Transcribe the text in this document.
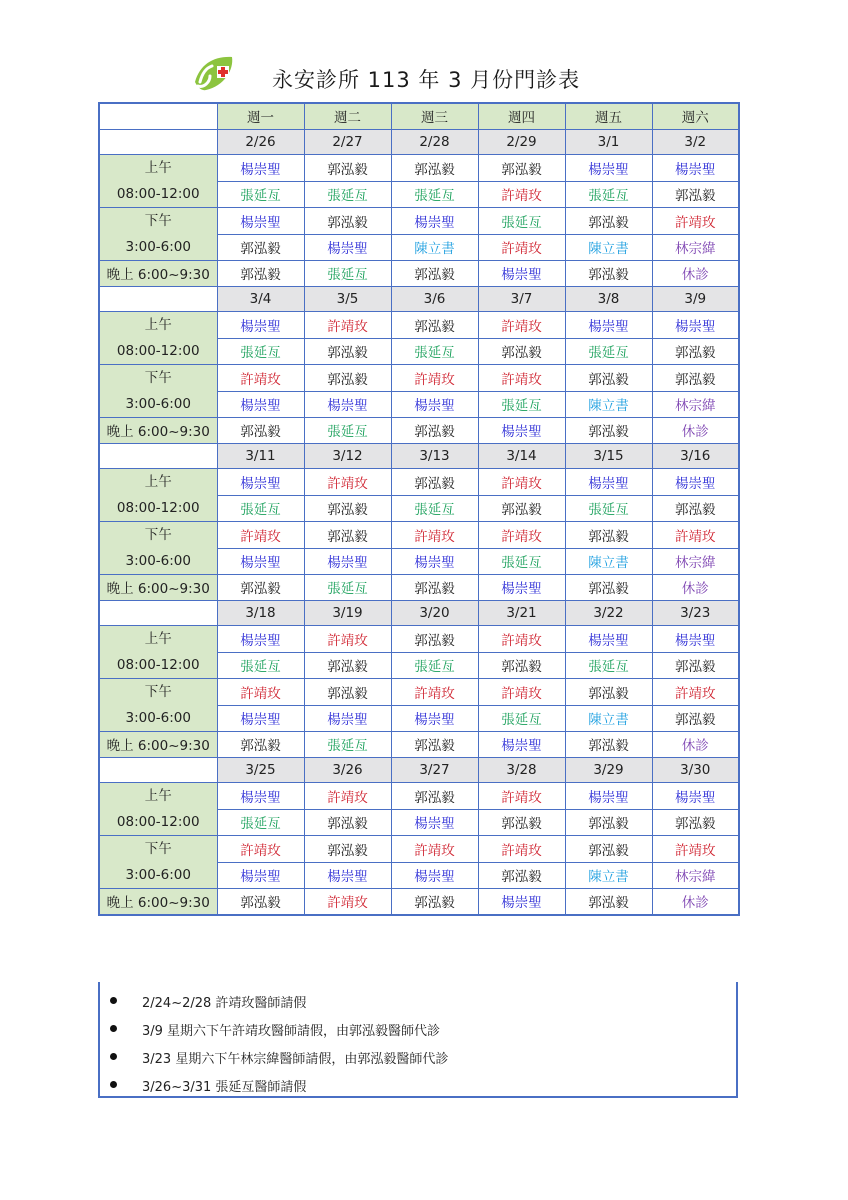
永安診所 113 年 3 月份門診表
	週一	週二	週三	週四	週五	週六
	2/26	2/27	2/28	2/29	3/1	3/2

上午
08:00-12:00	楊崇聖	郭泓毅	郭泓毅	郭泓毅	楊崇聖	楊崇聖
	張延亙	張延亙	張延亙	許靖玫	張延亙	郭泓毅

下午
3:00-6:00	楊崇聖	郭泓毅	楊崇聖	張延亙	郭泓毅	許靖玫
	郭泓毅	楊崇聖	陳立書	許靖玫	陳立書	林宗緯
晚上 6:00~9:30	郭泓毅	張延亙	郭泓毅	楊崇聖	郭泓毅	休診
	3/4	3/5	3/6	3/7	3/8	3/9

上午
08:00-12:00	楊崇聖	許靖玫	郭泓毅	許靖玫	楊崇聖	楊崇聖
	張延亙	郭泓毅	張延亙	郭泓毅	張延亙	郭泓毅

下午
3:00-6:00	許靖玫	郭泓毅	許靖玫	許靖玫	郭泓毅	郭泓毅
	楊崇聖	楊崇聖	楊崇聖	張延亙	陳立書	林宗緯
晚上 6:00~9:30	郭泓毅	張延亙	郭泓毅	楊崇聖	郭泓毅	休診
	3/11	3/12	3/13	3/14	3/15	3/16

上午
08:00-12:00	楊崇聖	許靖玫	郭泓毅	許靖玫	楊崇聖	楊崇聖
	張延亙	郭泓毅	張延亙	郭泓毅	張延亙	郭泓毅

下午
3:00-6:00	許靖玫	郭泓毅	許靖玫	許靖玫	郭泓毅	許靖玫
	楊崇聖	楊崇聖	楊崇聖	張延亙	陳立書	林宗緯
晚上 6:00~9:30	郭泓毅	張延亙	郭泓毅	楊崇聖	郭泓毅	休診
	3/18	3/19	3/20	3/21	3/22	3/23

上午
08:00-12:00	楊崇聖	許靖玫	郭泓毅	許靖玫	楊崇聖	楊崇聖
	張延亙	郭泓毅	張延亙	郭泓毅	張延亙	郭泓毅

下午
3:00-6:00	許靖玫	郭泓毅	許靖玫	許靖玫	郭泓毅	許靖玫
	楊崇聖	楊崇聖	楊崇聖	張延亙	陳立書	郭泓毅
晚上 6:00~9:30	郭泓毅	張延亙	郭泓毅	楊崇聖	郭泓毅	休診
	3/25	3/26	3/27	3/28	3/29	3/30

上午
08:00-12:00	楊崇聖	許靖玫	郭泓毅	許靖玫	楊崇聖	楊崇聖
	張延亙	郭泓毅	楊崇聖	郭泓毅	郭泓毅	郭泓毅

下午
3:00-6:00	許靖玫	郭泓毅	許靖玫	許靖玫	郭泓毅	許靖玫
	楊崇聖	楊崇聖	楊崇聖	郭泓毅	陳立書	林宗緯
晚上 6:00~9:30	郭泓毅	許靖玫	郭泓毅	楊崇聖	郭泓毅	休診
2/24~2/28 許靖玫醫師請假
3/9 星期六下午許靖玫醫師請假，由郭泓毅醫師代診
3/23 星期六下午林宗緯醫師請假，由郭泓毅醫師代診
3/26~3/31 張延亙醫師請假
